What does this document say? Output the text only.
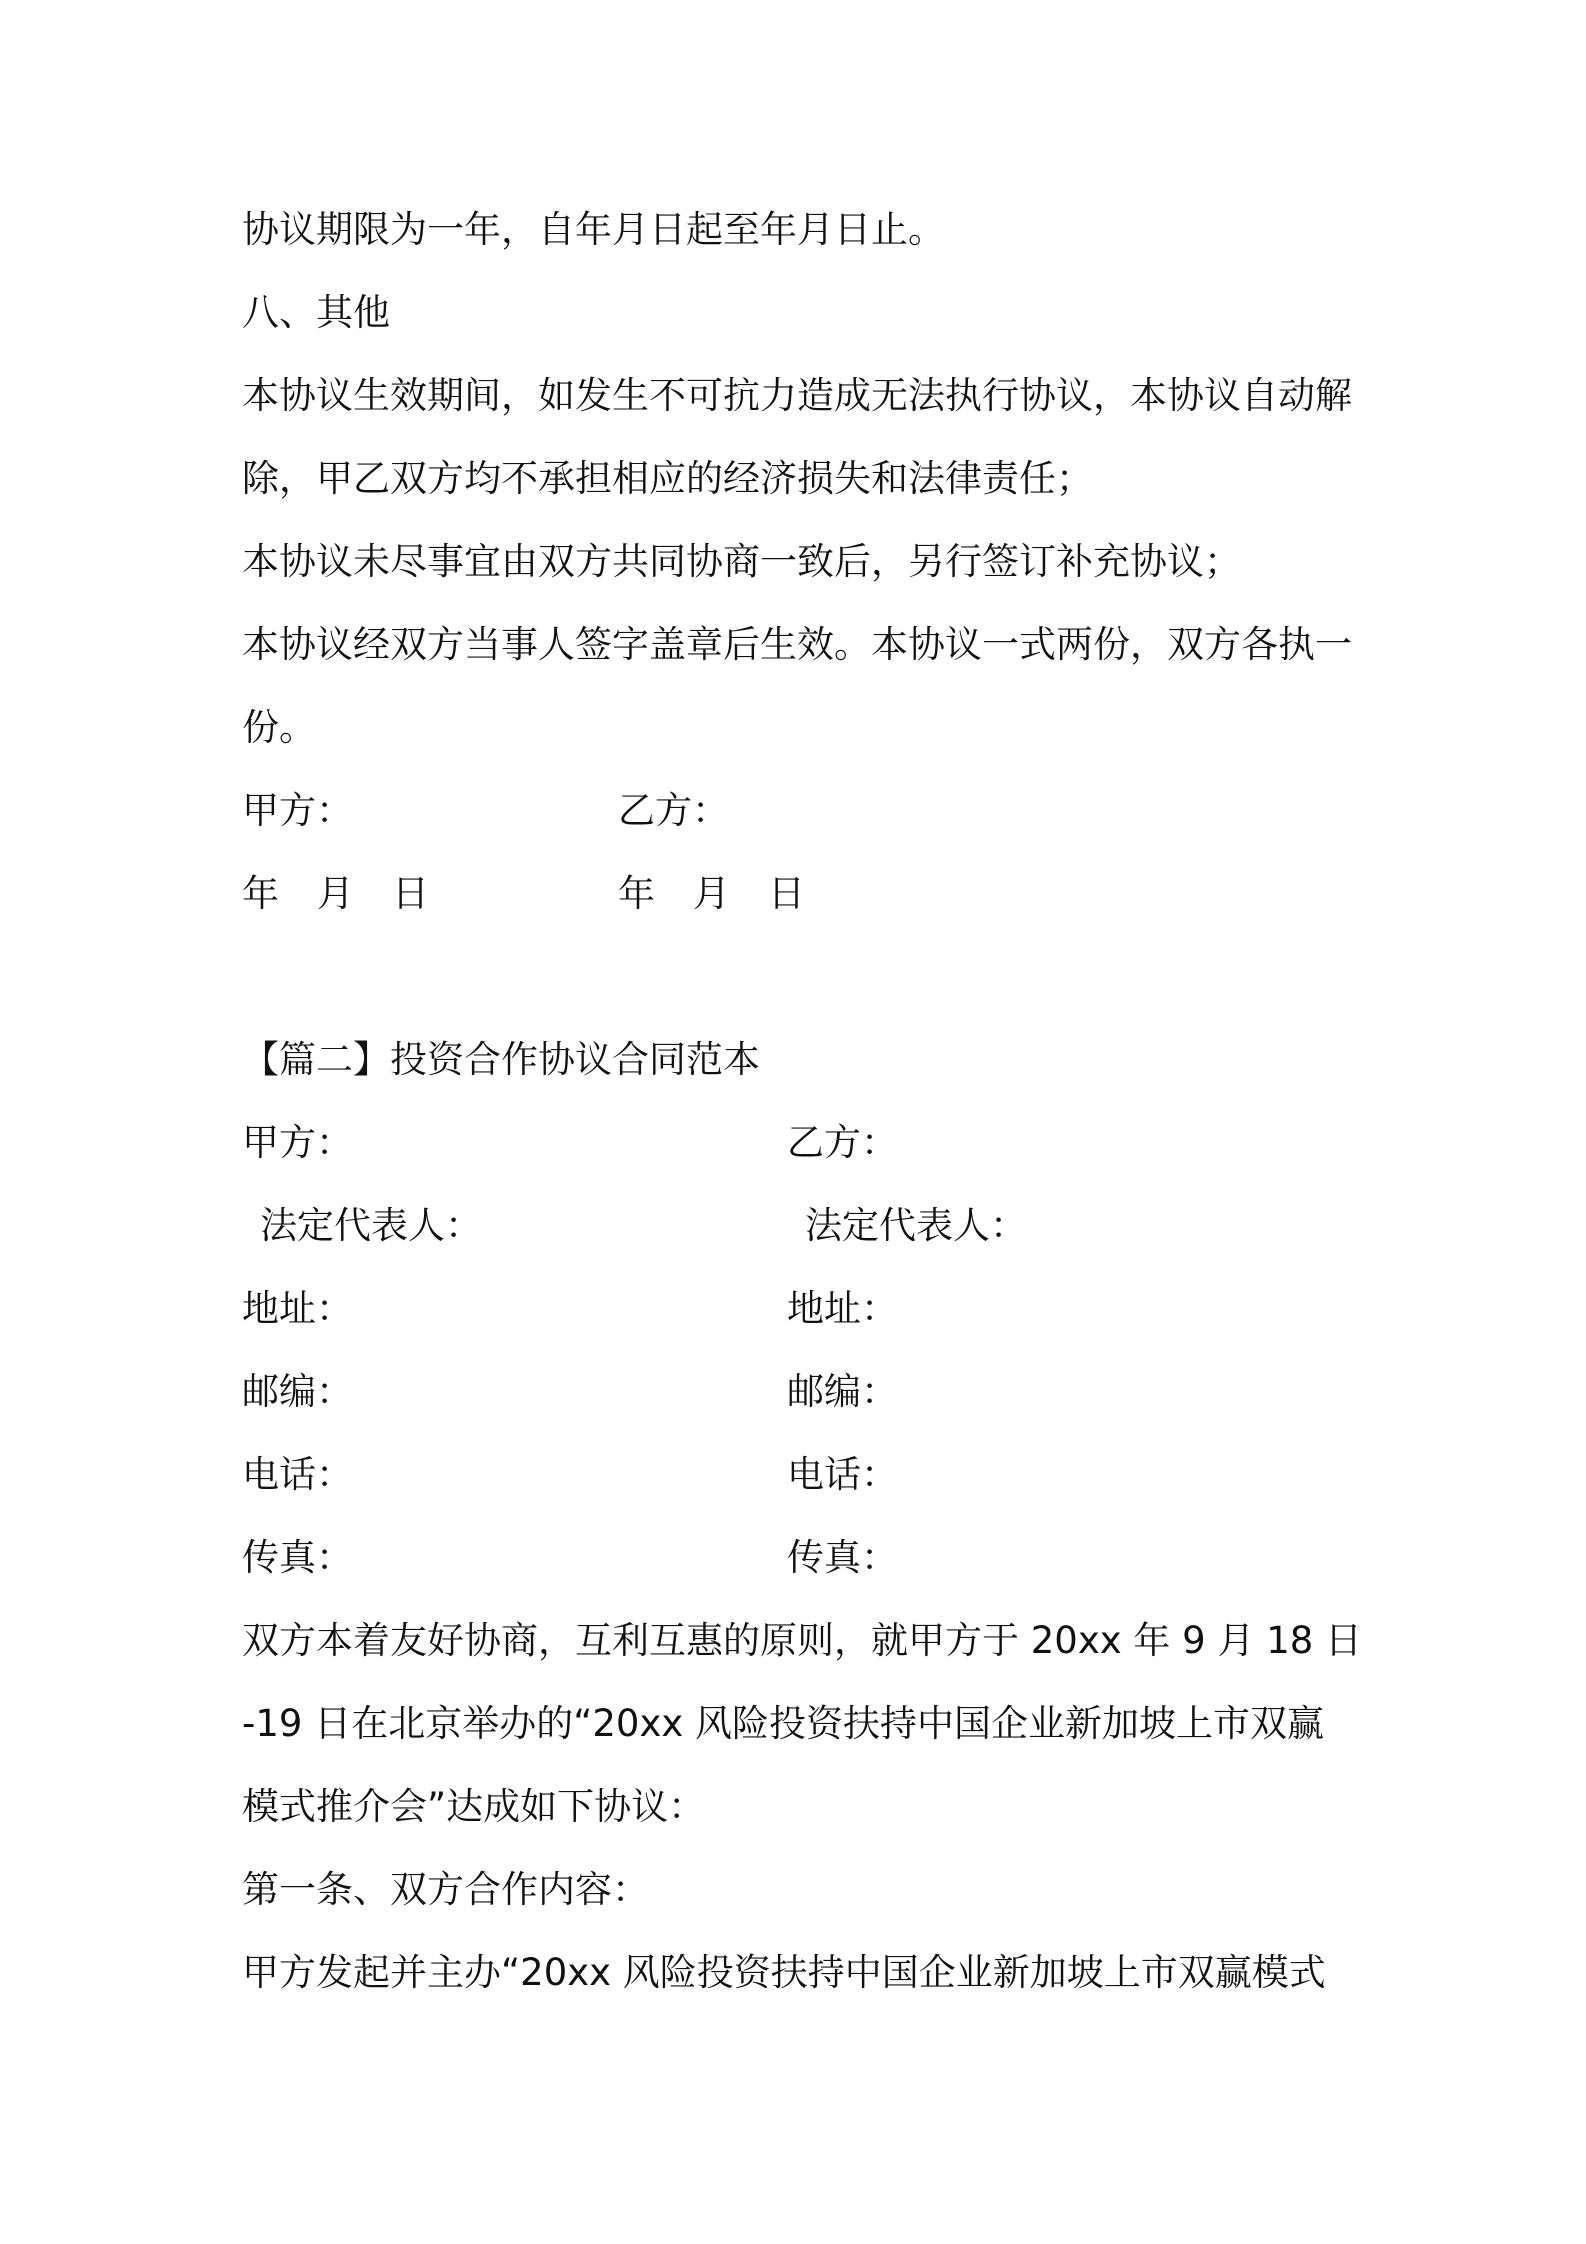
协议期限为一年，自年月日起至年月日止。
八、其他
本协议生效期间，如发生不可抗力造成无法执行协议，本协议自动解
除，甲乙双方均不承担相应的经济损失和法律责任；
本协议未尽事宜由双方共同协商一致后，另行签订补充协议；
本协议经双方当事人签字盖章后生效。本协议一式两份，双方各执一
份。
甲方：	乙方：
年 月 日	年 月 日
【篇二】投资合作协议合同范本
甲方：	乙方：
法定代表人：	法定代表人：
地址：	地址：
邮编：	邮编：
电话：	电话：
传真：	传真：
双方本着友好协商，互利互惠的原则，就甲方于 20xx 年 9 月 18 日
-19 日在北京举办的“20xx 风险投资扶持中国企业新加坡上市双赢
模式推介会”达成如下协议：
第一条、双方合作内容：
甲方发起并主办“20xx 风险投资扶持中国企业新加坡上市双赢模式
